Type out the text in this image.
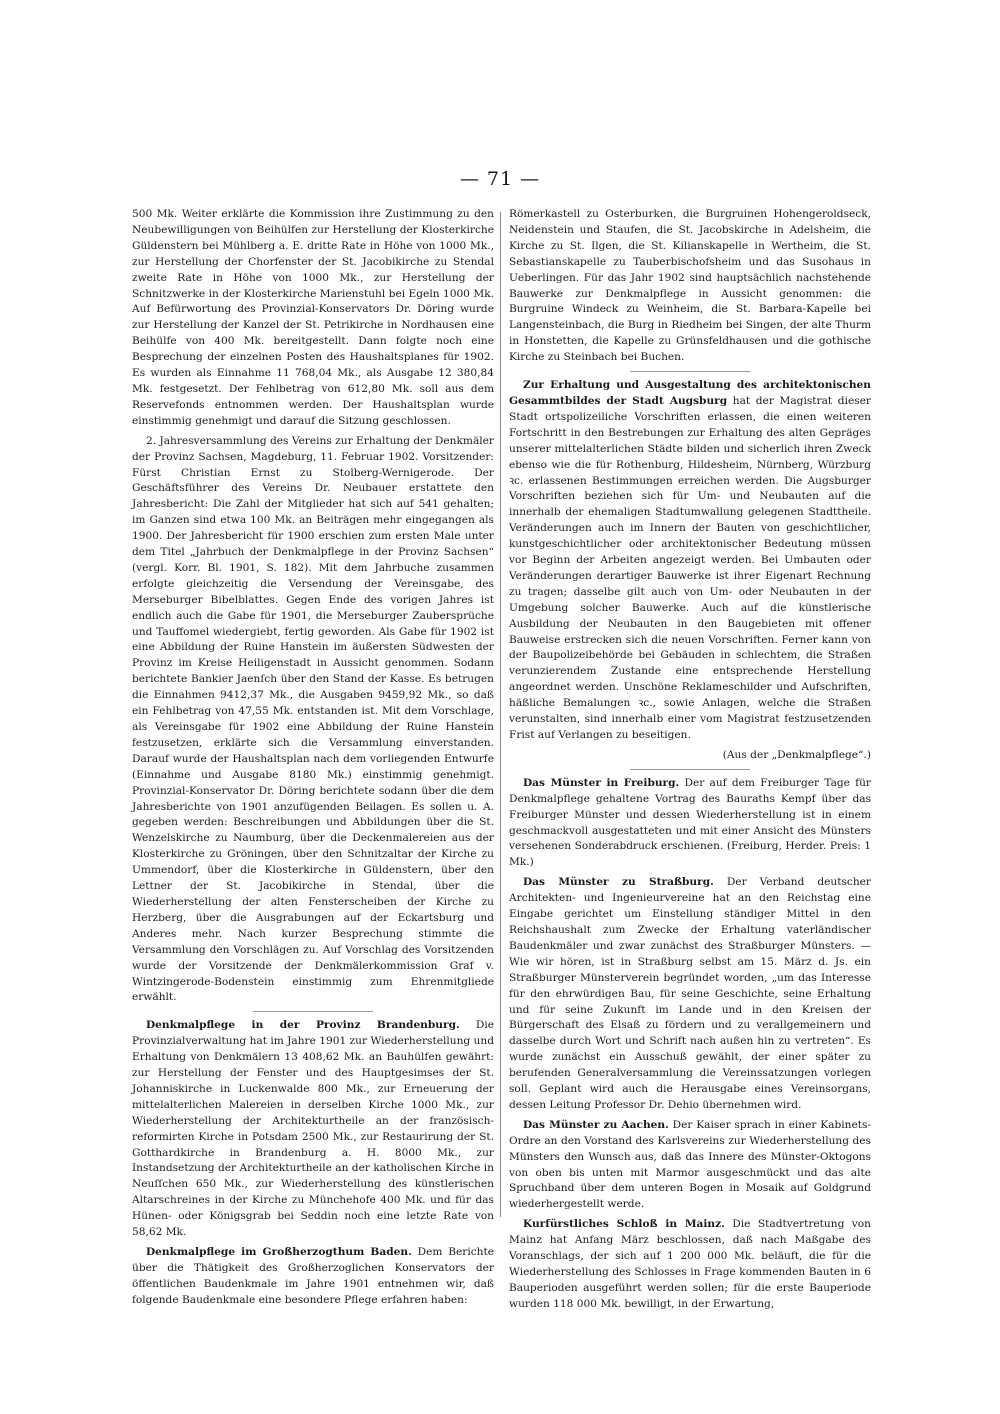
— 71 —

500 Mk. Weiter erklärte die Kommission ihre Zustimmung zu den Neubewilligungen von Beihülfen zur Herstellung der Klosterkirche Güldenstern bei Mühlberg a. E. dritte Rate in Höhe von 1000 Mk., zur Herstellung der Chorfenster der St. Jacobikirche zu Stendal zweite Rate in Höhe von 1000 Mk., zur Herstellung der Schnitzwerke in der Klosterkirche Marienstuhl bei Egeln 1000 Mk. Auf Befürwortung des Provinzial-Konservators Dr. Döring wurde zur Herstellung der Kanzel der St. Petrikirche in Nordhausen eine Beihülfe von 400 Mk. bereitgestellt. Dann folgte noch eine Besprechung der einzelnen Posten des Haushaltsplanes für 1902. Es wurden als Einnahme 11 768,04 Mk., als Ausgabe 12 380,84 Mk. festgesetzt. Der Fehlbetrag von 612,80 Mk. soll aus dem Reservefonds entnommen werden. Der Haushaltsplan wurde einstimmig genehmigt und darauf die Sitzung geschlossen.

2. Jahresversammlung des Vereins zur Erhaltung der Denkmäler der Provinz Sachsen, Magdeburg, 11. Februar 1902. Vorsitzender: Fürst Christian Ernst zu Stolberg-Wernigerode. Der Geschäftsführer des Vereins Dr. Neubauer erstattete den Jahresbericht: Die Zahl der Mitglieder hat sich auf 541 gehalten; im Ganzen sind etwa 100 Mk. an Beiträgen mehr eingegangen als 1900. Der Jahresbericht für 1900 erschien zum ersten Male unter dem Titel „Jahrbuch der Denkmalpflege in der Provinz Sachsen“ (vergl. Korr. Bl. 1901, S. 182). Mit dem Jahrbuche zusammen erfolgte gleichzeitig die Versendung der Vereinsgabe, des Merseburger Bibelblattes. Gegen Ende des vorigen Jahres ist endlich auch die Gabe für 1901, die Merseburger Zaubersprüche und Tauffomel wiedergiebt, fertig geworden. Als Gabe für 1902 ist eine Abbildung der Ruine Hanstein im äußersten Südwesten der Provinz im Kreise Heiligenstadt in Aussicht genommen. Sodann berichtete Bankier Jaenſch über den Stand der Kasse. Es betrugen die Einnahmen 9412,37 Mk., die Ausgaben 9459,92 Mk., so daß ein Fehlbetrag von 47,55 Mk. entstanden ist. Mit dem Vorschlage, als Vereinsgabe für 1902 eine Abbildung der Ruine Hanstein festzusetzen, erklärte sich die Versammlung einverstanden. Darauf wurde der Haushaltsplan nach dem vorliegenden Entwurfe (Einnahme und Ausgabe 8180 Mk.) einstimmig genehmigt. Provinzial-Konservator Dr. Döring berichtete sodann über die dem Jahresberichte von 1901 anzufügenden Beilagen. Es sollen u. A. gegeben werden: Beschreibungen und Abbildungen über die St. Wenzelskirche zu Naumburg, über die Deckenmalereien aus der Klosterkirche zu Gröningen, über den Schnitzaltar der Kirche zu Ummendorf, über die Klosterkirche in Güldenstern, über den Lettner der St. Jacobikirche in Stendal, über die Wiederherstellung der alten Fensterscheiben der Kirche zu Herzberg, über die Ausgrabungen auf der Eckartsburg und Anderes mehr. Nach kurzer Besprechung stimmte die Versammlung den Vorschlägen zu. Auf Vorschlag des Vorsitzenden wurde der Vorsitzende der Denkmälerkommission Graf v. Wintzingerode-Bodenstein einstimmig zum Ehrenmitgliede erwählt.

Denkmalpflege in der Provinz Brandenburg. Die Provinzialverwaltung hat im Jahre 1901 zur Wiederherstellung und Erhaltung von Denkmälern 13 408,62 Mk. an Bauhülfen gewährt: zur Herstellung der Fenster und des Hauptgesimses der St. Johanniskirche in Luckenwalde 800 Mk., zur Erneuerung der mittelalterlichen Malereien in derselben Kirche 1000 Mk., zur Wiederherstellung der Architekturtheile an der französisch-reformirten Kirche in Potsdam 2500 Mk., zur Restaurirung der St. Gotthardkirche in Brandenburg a. H. 8000 Mk., zur Instandsetzung der Architekturtheile an der katholischen Kirche in Neuſſchen 650 Mk., zur Wiederherstellung des künstlerischen Altarschreines in der Kirche zu Münchehofe 400 Mk. und für das Hünen- oder Königsgrab bei Seddin noch eine letzte Rate von 58,62 Mk.

Denkmalpflege im Großherzogthum Baden. Dem Berichte über die Thätigkeit des Großherzoglichen Konservators der öffentlichen Baudenkmale im Jahre 1901 entnehmen wir, daß folgende Baudenkmale eine besondere Pflege erfahren haben:

Römerkastell zu Osterburken, die Burgruinen Hohengeroldseck, Neidenstein und Staufen, die St. Jacobskirche in Adelsheim, die Kirche zu St. Ilgen, die St. Kilianskapelle in Wertheim, die St. Sebastianskapelle zu Tauberbischofsheim und das Susohaus in Ueberlingen. Für das Jahr 1902 sind hauptsächlich nachstehende Bauwerke zur Denkmalpflege in Aussicht genommen: die Burgruine Windeck zu Weinheim, die St. Barbara-Kapelle bei Langensteinbach, die Burg in Riedheim bei Singen, der alte Thurm in Honstetten, die Kapelle zu Grünsfeldhausen und die gothische Kirche zu Steinbach bei Buchen.

Zur Erhaltung und Ausgestaltung des architektonischen Gesammtbildes der Stadt Augsburg hat der Magistrat dieser Stadt ortspolizeiliche Vorschriften erlassen, die einen weiteren Fortschritt in den Bestrebungen zur Erhaltung des alten Gepräges unserer mittelalterlichen Städte bilden und sicherlich ihren Zweck ebenso wie die für Rothenburg, Hildesheim, Nürnberg, Würzburg ꝛc. erlassenen Bestimmungen erreichen werden. Die Augsburger Vorschriften beziehen sich für Um- und Neubauten auf die innerhalb der ehemaligen Stadtumwallung gelegenen Stadttheile. Veränderungen auch im Innern der Bauten von geschichtlicher, kunstgeschichtlicher oder architektonischer Bedeutung müssen vor Beginn der Arbeiten angezeigt werden. Bei Umbauten oder Veränderungen derartiger Bauwerke ist ihrer Eigenart Rechnung zu tragen; dasselbe gilt auch von Um- oder Neubauten in der Umgebung solcher Bauwerke. Auch auf die künstlerische Ausbildung der Neubauten in den Baugebieten mit offener Bauweise erstrecken sich die neuen Vorschriften. Ferner kann von der Baupolizeibehörde bei Gebäuden in schlechtem, die Straßen verunzierendem Zustande eine entsprechende Herstellung angeordnet werden. Unschöne Reklameschilder und Aufschriften, häßliche Bemalungen ꝛc., sowie Anlagen, welche die Straßen verunstalten, sind innerhalb einer vom Magistrat festzusetzenden Frist auf Verlangen zu beseitigen.

(Aus der „Denkmalpflege“.)

Das Münster in Freiburg. Der auf dem Freiburger Tage für Denkmalpflege gehaltene Vortrag des Bauraths Kempf über das Freiburger Münster und dessen Wiederherstellung ist in einem geschmackvoll ausgestatteten und mit einer Ansicht des Münsters versehenen Sonderabdruck erschienen. (Freiburg, Herder. Preis: 1 Mk.)

Das Münster zu Straßburg. Der Verband deutscher Architekten- und Ingenieurvereine hat an den Reichstag eine Eingabe gerichtet um Einstellung ständiger Mittel in den Reichshaushalt zum Zwecke der Erhaltung vaterländischer Baudenkmäler und zwar zunächst des Straßburger Münsters. — Wie wir hören, ist in Straßburg selbst am 15. März d. Js. ein Straßburger Münsterverein begründet worden, „um das Interesse für den ehrwürdigen Bau, für seine Geschichte, seine Erhaltung und für seine Zukunft im Lande und in den Kreisen der Bürgerschaft des Elsaß zu fördern und zu verallgemeinern und dasselbe durch Wort und Schrift nach außen hin zu vertreten“. Es wurde zunächst ein Ausschuß gewählt, der einer später zu berufenden Generalversammlung die Vereinssatzungen vorlegen soll. Geplant wird auch die Herausgabe eines Vereinsorgans, dessen Leitung Professor Dr. Dehio übernehmen wird.

Das Münster zu Aachen. Der Kaiser sprach in einer Kabinets-Ordre an den Vorstand des Karlsvereins zur Wiederherstellung des Münsters den Wunsch aus, daß das Innere des Münster-Oktogons von oben bis unten mit Marmor ausgeschmückt und das alte Spruchband über dem unteren Bogen in Mosaik auf Goldgrund wiederhergestellt werde.

Kurfürstliches Schloß in Mainz. Die Stadtvertretung von Mainz hat Anfang März beschlossen, daß nach Maßgabe des Voranschlags, der sich auf 1 200 000 Mk. beläuft, die für die Wiederherstellung des Schlosses in Frage kommenden Bauten in 6 Bauperioden ausgeführt werden sollen; für die erste Bauperiode wurden 118 000 Mk. bewilligt, in der Erwartung,
